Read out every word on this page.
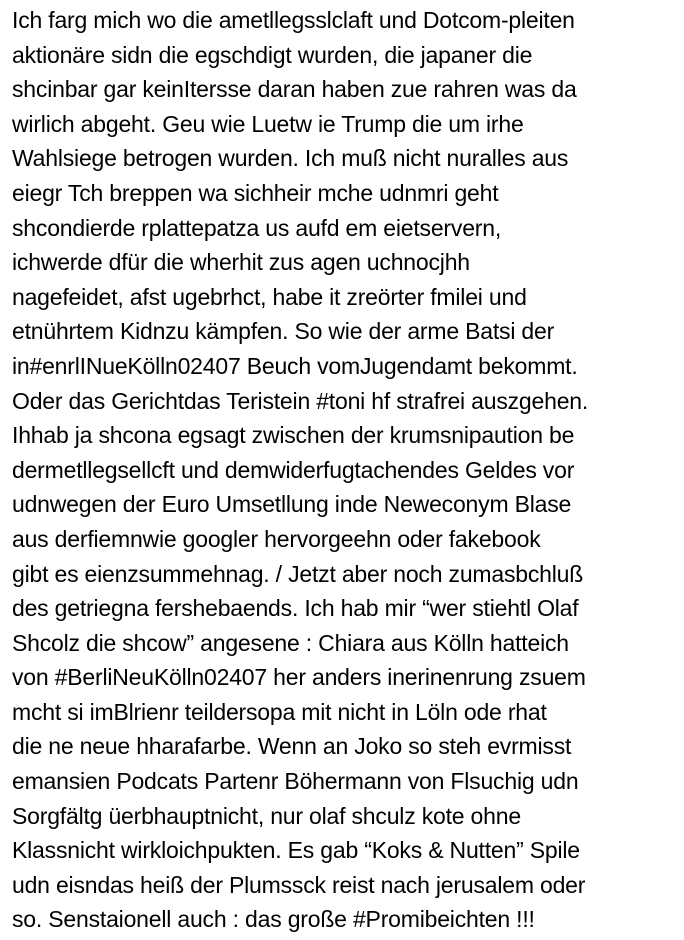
Ich farg mich wo die ametllegsslclaft und Dotcom-pleiten
aktionäre sidn die egschdigt wurden, die japaner die
shcinbar gar keinItersse daran haben zue rahren was da
wirlich abgeht. Geu wie Luetw ie Trump die um irhe
Wahlsiege betrogen wurden. Ich muß nicht nuralles aus
eiegr Tch breppen wa sichheir mche udnmri geht
shcondierde rplattepatza us aufd em eietservern,
ichwerde dfür die wherhit zus agen uchnocjhh
nagefeidet, afst ugebrhct, habe it zreörter fmilei und
etnührtem Kidnzu kämpfen. So wie der arme Batsi der
in#enrlINueKölln02407 Beuch vomJugendamt bekommt.
Oder das Gerichtdas Teristein #toni hf strafrei auszgehen.
Ihhab ja shcona egsagt zwischen der krumsnipaution be
dermetllegsellcft und demwiderfugtachendes Geldes vor
udnwegen der Euro Umsetllung inde Neweconym Blase
aus derfiemnwie googler hervorgeehn oder fakebook
gibt es eienzsummehnag. / Jetzt aber noch zumasbchluß
des getriegna fershebaends. Ich hab mir “wer stiehtl Olaf
Shcolz die shcow” angesene : Chiara aus Kölln hatteich
von #BerliNeuKölln02407 her anders inerinenrung zsuem
mcht si imBlrienr teildersopa mit nicht in Löln ode rhat
die ne neue hharafarbe. Wenn an Joko so steh evrmisst
emansien Podcats Partenr Böhermann von Flsuchig udn
Sorgfältg üerbhauptnicht, nur olaf shculz kote ohne
Klassnicht wirkloichpukten. Es gab “Koks & Nutten” Spile
udn eisndas heiß der Plumssck reist nach jerusalem oder
so. Senstaionell auch : das große #Promibeichten !!!
